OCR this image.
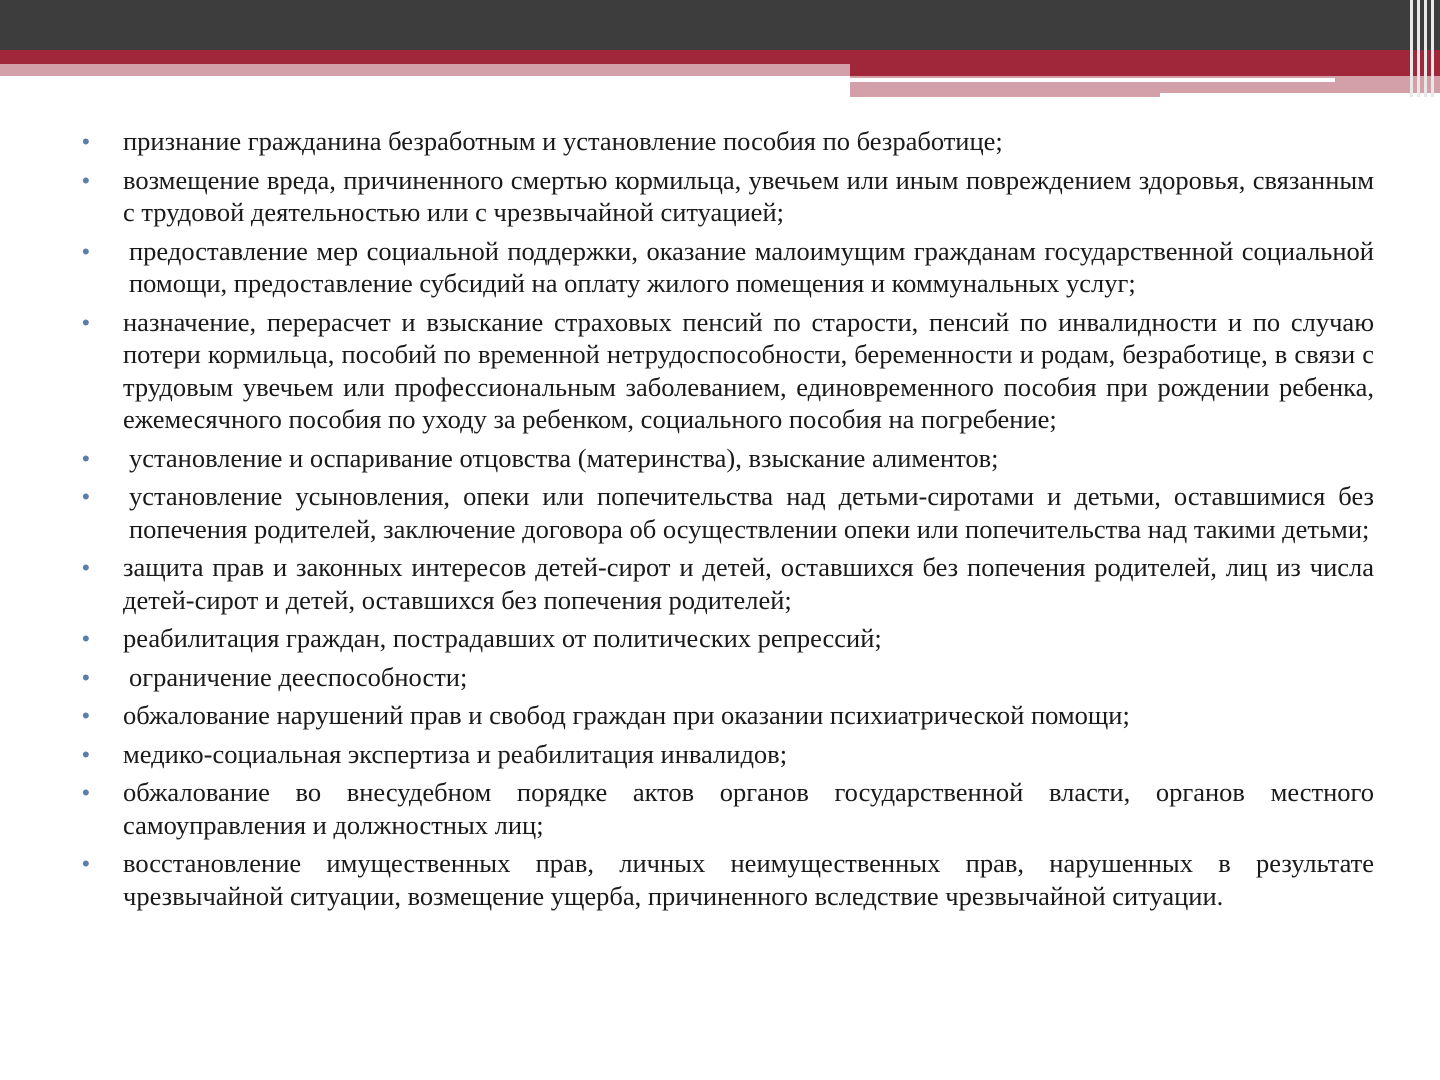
• признание гражданина безработным и установление пособия по безработице;
• возмещение вреда, причиненного смертью кормильца, увечьем или иным повреждением здоровья, связанным с трудовой деятельностью или с чрезвычайной ситуацией;
• предоставление мер социальной поддержки, оказание малоимущим гражданам государственной социальной помощи, предоставление субсидий на оплату жилого помещения и коммунальных услуг;
• назначение, перерасчет и взыскание страховых пенсий по старости, пенсий по инвалидности и по случаю потери кормильца, пособий по временной нетрудоспособности, беременности и родам, безработице, в связи с трудовым увечьем или профессиональным заболеванием, единовременного пособия при рождении ребенка, ежемесячного пособия по уходу за ребенком, социального пособия на погребение;
• установление и оспаривание отцовства (материнства), взыскание алиментов;
• установление усыновления, опеки или попечительства над детьми-сиротами и детьми, оставшимися без попечения родителей, заключение договора об осуществлении опеки или попечительства над такими детьми;
• защита прав и законных интересов детей-сирот и детей, оставшихся без попечения родителей, лиц из числа детей-сирот и детей, оставшихся без попечения родителей;
• реабилитация граждан, пострадавших от политических репрессий;
• ограничение дееспособности;
• обжалование нарушений прав и свобод граждан при оказании психиатрической помощи;
• медико-социальная экспертиза и реабилитация инвалидов;
• обжалование во внесудебном порядке актов органов государственной власти, органов местного самоуправления и должностных лиц;
• восстановление имущественных прав, личных неимущественных прав, нарушенных в результате чрезвычайной ситуации, возмещение ущерба, причиненного вследствие чрезвычайной ситуации.
